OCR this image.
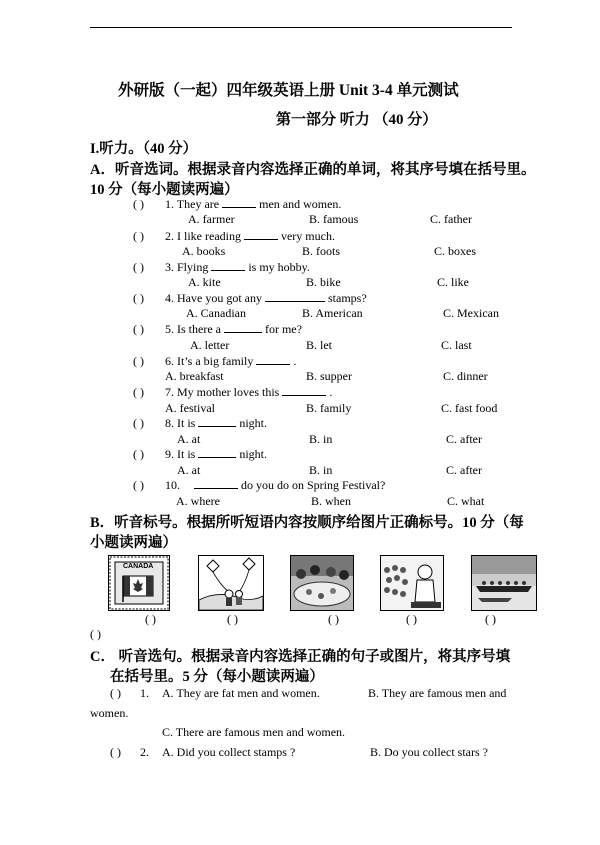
外研版（一起）四年级英语上册 Unit 3-4 单元测试
第一部分 听力 （40 分）
I.听力。（40 分）
A．听音选词。根据录音内容选择正确的单词，将其序号填在括号里。
10 分（每小题读两遍）
( ) 1. They are	men and women.
A. farmer	B. famous	C. father
( ) 2. I like reading	very much.
A. books	B. foots	C. boxes
( ) 3. Flying	is my hobby.
A. kite	B. bike	C. like
( ) 4. Have you got any	stamps?
A. Canadian	B. American	C. Mexican
( ) 5. Is there a	for me?
A. letter	B. let	C. last
( ) 6. It’s a big family	.
A. breakfast	B. supper	C. dinner
( ) 7. My mother loves this	.
A. festival	B. family	C. fast food
( ) 8. It is	night.
A. at	B. in	C. after
( ) 9. It is	night.
A. at	B. in	C. after
( ) 10.	do you do on Spring Festival?
A. where	B. when	C. what
B．听音标号。根据所听短语内容按顺序给图片正确标号。10 分（每
小题读两遍）
CANADA
( )	( )	( )	( )	( )
( )
C． 听音选句。根据录音内容选择正确的句子或图片，将其序号填
在括号里。5 分（每小题读两遍）
( ) 1. A. They are fat men and women.	B. They are famous men and
women.
C. There are famous men and women.
( ) 2. A. Did you collect stamps ?	B. Do you collect stars ?
